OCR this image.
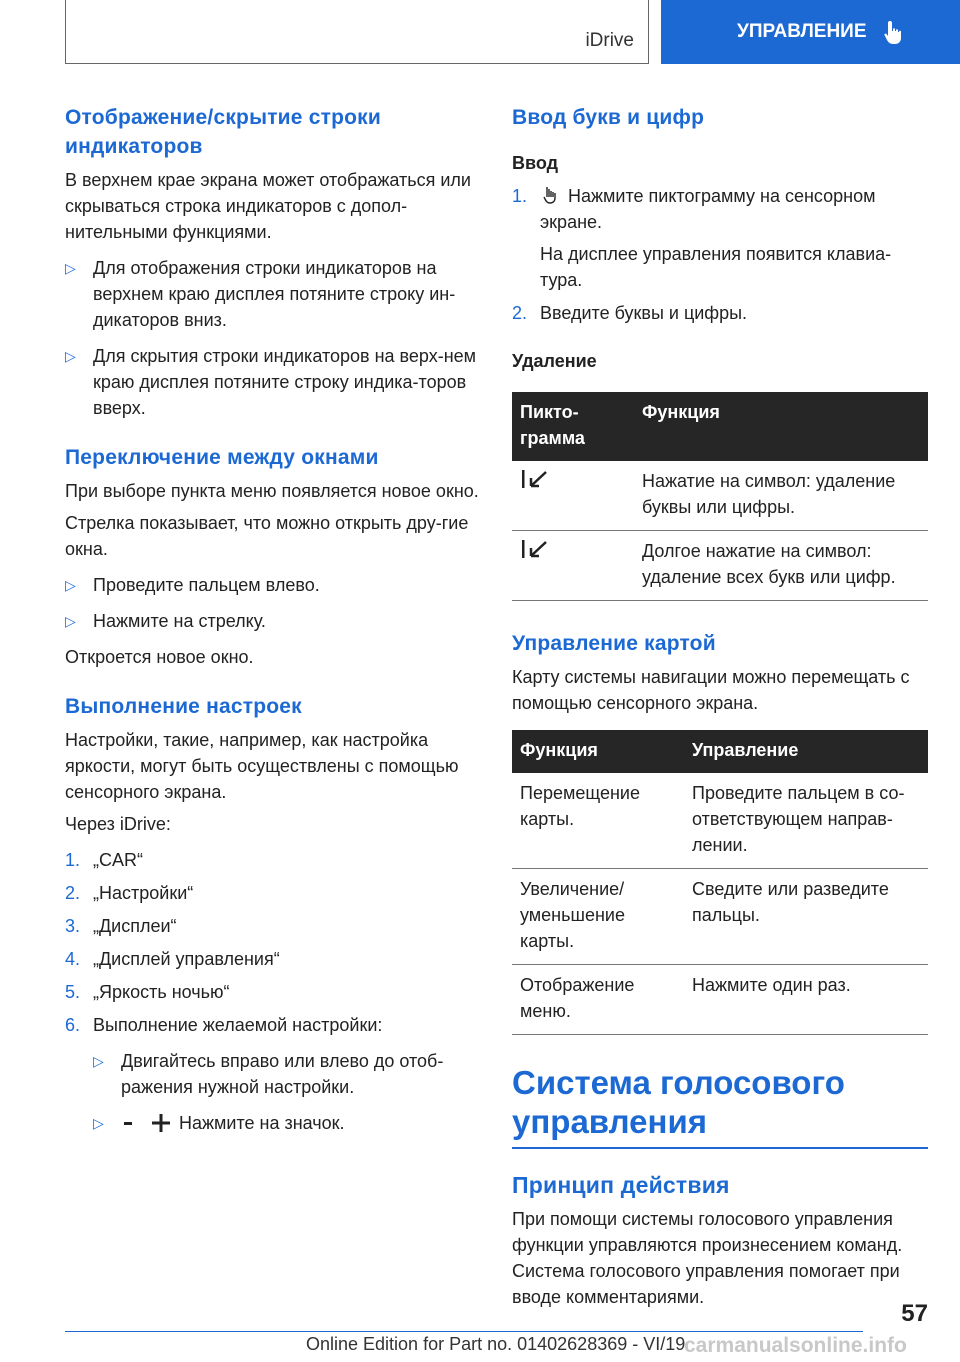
iDrive	УПРАВЛЕНИЕ
Отображение/скрытие строки индикаторов

В верхнем крае экрана может отображаться или скрываться строка индикаторов с допол‐нительными функциями.

▷ Для отображения строки индикаторов на верхнем краю дисплея потяните строку ин‐дикаторов вниз.
▷ Для скрытия строки индикаторов на верх‐нем краю дисплея потяните строку индика‐торов вверх.
Переключение между окнами

При выборе пункта меню появляется новое окно.

Стрелка показывает, что можно открыть дру‐гие окна.

▷ Проведите пальцем влево.
▷ Нажмите на стрелку.

Откроется новое окно.

Выполнение настроек

Настройки, такие, например, как настройка яркости, могут быть осуществлены с помощью сенсорного экрана.

Через iDrive:

1. „CAR“
2. „Настройки“
3. „Дисплеи“
4. „Дисплей управления“
5. „Яркость ночью“
6. Выполнение желаемой настройки:
▷ Двигайтесь вправо или влево до отоб‐ражения нужной настройки.
▷	Нажмите на значок.
Ввод букв и цифр
Ввод
1.	Нажмите пиктограмму на сенсорном экране.

На дисплее управления появится клавиа‐тура.

2. Введите буквы и цифры.
Удаление
Пикто‐грамма	Функция
	Нажатие на символ: удаление буквы или цифры.
	Долгое нажатие на символ: удаление всех букв или цифр.
Управление картой

Карту системы навигации можно перемещать с помощью сенсорного экрана.

Функция	Управление
Перемещение карты.	Проведите пальцем в со‐ответствующем направ‐лении.
Увеличение/уменьшение карты.	Сведите или разведите пальцы.
Отображение меню.	Нажмите один раз.
Система голосового управления
Принцип действия

При помощи системы голосового управления функции управляются произнесением команд. Система голосового управления помогает при вводе комментариями.

57
Online Edition for Part no. 01402628369 - VI/19
carmanualsonline.info
